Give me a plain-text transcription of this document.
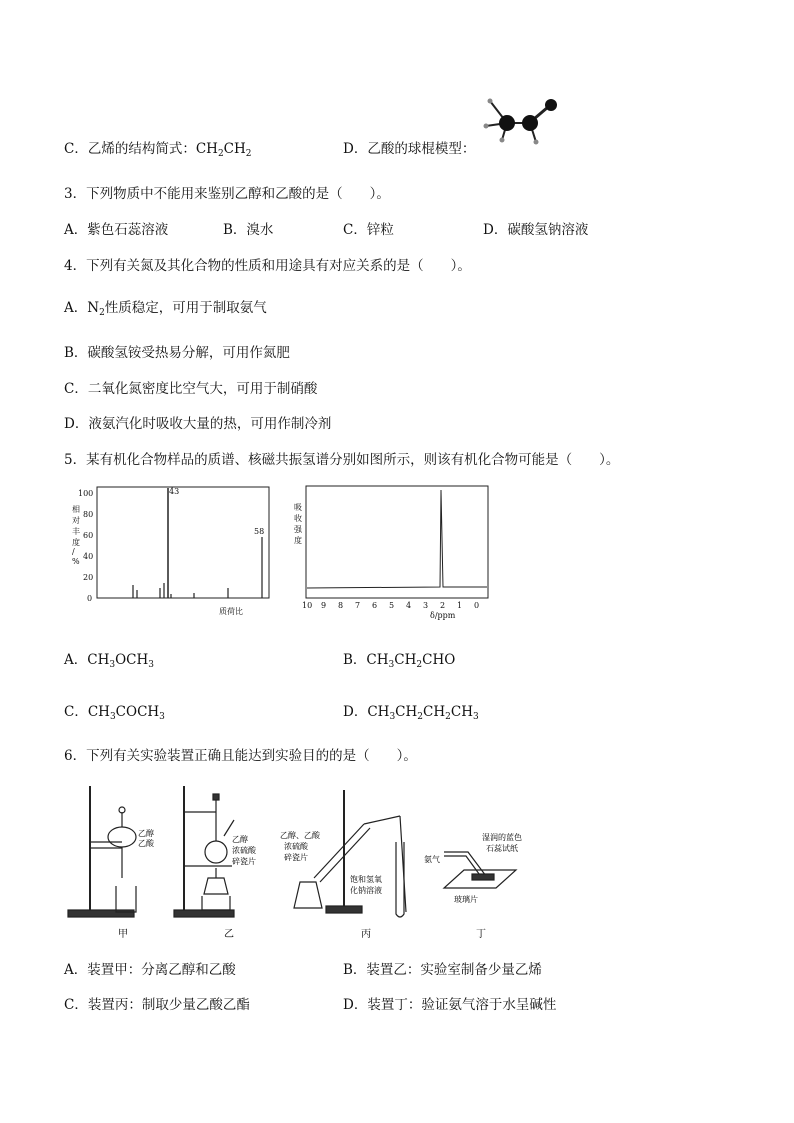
C．乙烯的结构简式：$CH_2CH_2$	D．乙酸的球棍模型：
3．下列物质中不能用来鉴别乙醇和乙酸的是（　　）。
A．紫色石蕊溶液	B．溴水	C．锌粒	D．碳酸氢钠溶液
4．下列有关氮及其化合物的性质和用途具有对应关系的是（　　）。
A．$N_2$性质稳定，可用于制取氨气
B．碳酸氢铵受热易分解，可用作氮肥
C．二氧化氮密度比空气大，可用于制硝酸
D．液氨汽化时吸收大量的热，可用作制冷剂
5．某有机化合物样品的质谱、核磁共振氢谱分别如图所示，则该有机化合物可能是（　　）。
相
对
丰
度
/
%
100
80
60
40
20
0
43
58
质荷比
吸
收
强
度
10 9 8 7 6 5 4 3 2 1 0
δ/ppm
A．$CH_3OCH_3$	B．$CH_3CH_2CHO$
C．$CH_3COCH_3$	D．$CH_3CH_2CH_2CH_3$
6．下列有关实验装置正确且能达到实验目的的是（　　）。
乙醇
乙酸
甲
乙醇
浓硫酸
碎瓷片
乙
乙醇、乙酸
浓硫酸
碎瓷片
饱和氢氧
化钠溶液
丙
氨气
湿润的蓝色
石蕊试纸
玻璃片
丁
A．装置甲：分离乙醇和乙酸	B．装置乙：实验室制备少量乙烯
C．装置丙：制取少量乙酸乙酯	D．装置丁：验证氨气溶于水呈碱性
